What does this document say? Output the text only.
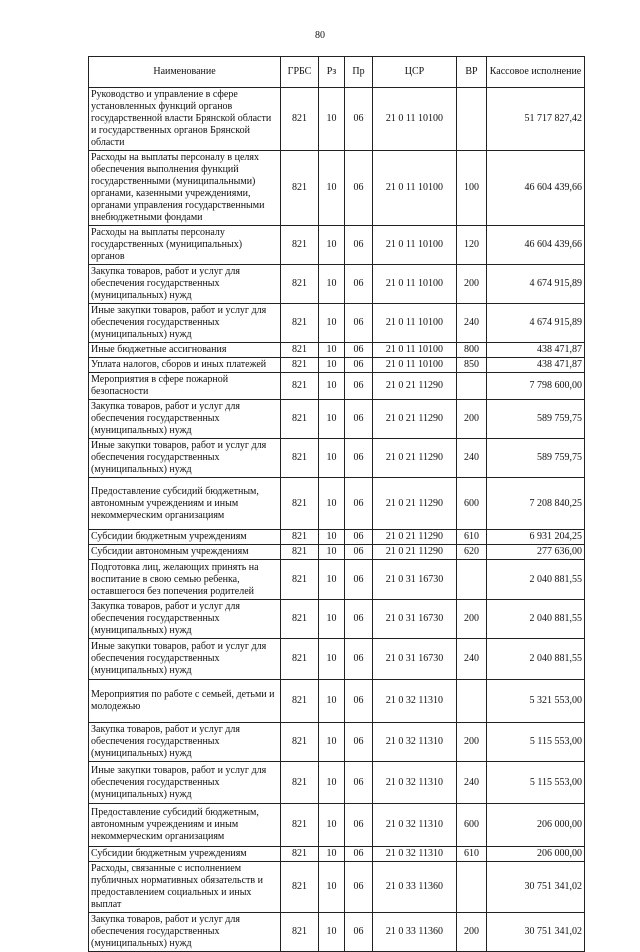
80
Наименование	ГРБС	Рз	Пр	ЦСР	ВР	Кассовое исполнение
Руководство и управление в сфере установленных функций органов государственной власти Брянской области и государственных органов Брянской области	821	10	06	21 0 11 10100		51 717 827,42
Расходы на выплаты персоналу в целях обеспечения выполнения функций государственными (муниципальными) органами, казенными учреждениями, органами управления государственными внебюджетными фондами	821	10	06	21 0 11 10100	100	46 604 439,66
Расходы на выплаты персоналу государственных (муниципальных) органов	821	10	06	21 0 11 10100	120	46 604 439,66
Закупка товаров, работ и услуг для обеспечения государственных (муниципальных) нужд	821	10	06	21 0 11 10100	200	4 674 915,89
Иные закупки товаров, работ и услуг для обеспечения государственных (муниципальных) нужд	821	10	06	21 0 11 10100	240	4 674 915,89
Иные бюджетные ассигнования	821	10	06	21 0 11 10100	800	438 471,87
Уплата налогов, сборов и иных платежей	821	10	06	21 0 11 10100	850	438 471,87
Мероприятия в сфере пожарной безопасности	821	10	06	21 0 21 11290		7 798 600,00
Закупка товаров, работ и услуг для обеспечения государственных (муниципальных) нужд	821	10	06	21 0 21 11290	200	589 759,75
Иные закупки товаров, работ и услуг для обеспечения государственных (муниципальных) нужд	821	10	06	21 0 21 11290	240	589 759,75
Предоставление субсидий бюджетным, автономным учреждениям и иным некоммерческим организациям	821	10	06	21 0 21 11290	600	7 208 840,25
Субсидии бюджетным учреждениям	821	10	06	21 0 21 11290	610	6 931 204,25
Субсидии автономным учреждениям	821	10	06	21 0 21 11290	620	277 636,00
Подготовка лиц, желающих принять на воспитание в свою семью ребенка, оставшегося без попечения родителей	821	10	06	21 0 31 16730		2 040 881,55
Закупка товаров, работ и услуг для обеспечения государственных (муниципальных) нужд	821	10	06	21 0 31 16730	200	2 040 881,55
Иные закупки товаров, работ и услуг для обеспечения государственных (муниципальных) нужд	821	10	06	21 0 31 16730	240	2 040 881,55
Мероприятия по работе с семьей, детьми и молодежью	821	10	06	21 0 32 11310		5 321 553,00
Закупка товаров, работ и услуг для обеспечения государственных (муниципальных) нужд	821	10	06	21 0 32 11310	200	5 115 553,00
Иные закупки товаров, работ и услуг для обеспечения государственных (муниципальных) нужд	821	10	06	21 0 32 11310	240	5 115 553,00
Предоставление субсидий бюджетным, автономным учреждениям и иным некоммерческим организациям	821	10	06	21 0 32 11310	600	206 000,00
Субсидии бюджетным учреждениям	821	10	06	21 0 32 11310	610	206 000,00
Расходы, связанные с исполнением публичных нормативных обязательств и предоставлением социальных и иных выплат	821	10	06	21 0 33 11360		30 751 341,02
Закупка товаров, работ и услуг для обеспечения государственных (муниципальных) нужд	821	10	06	21 0 33 11360	200	30 751 341,02
